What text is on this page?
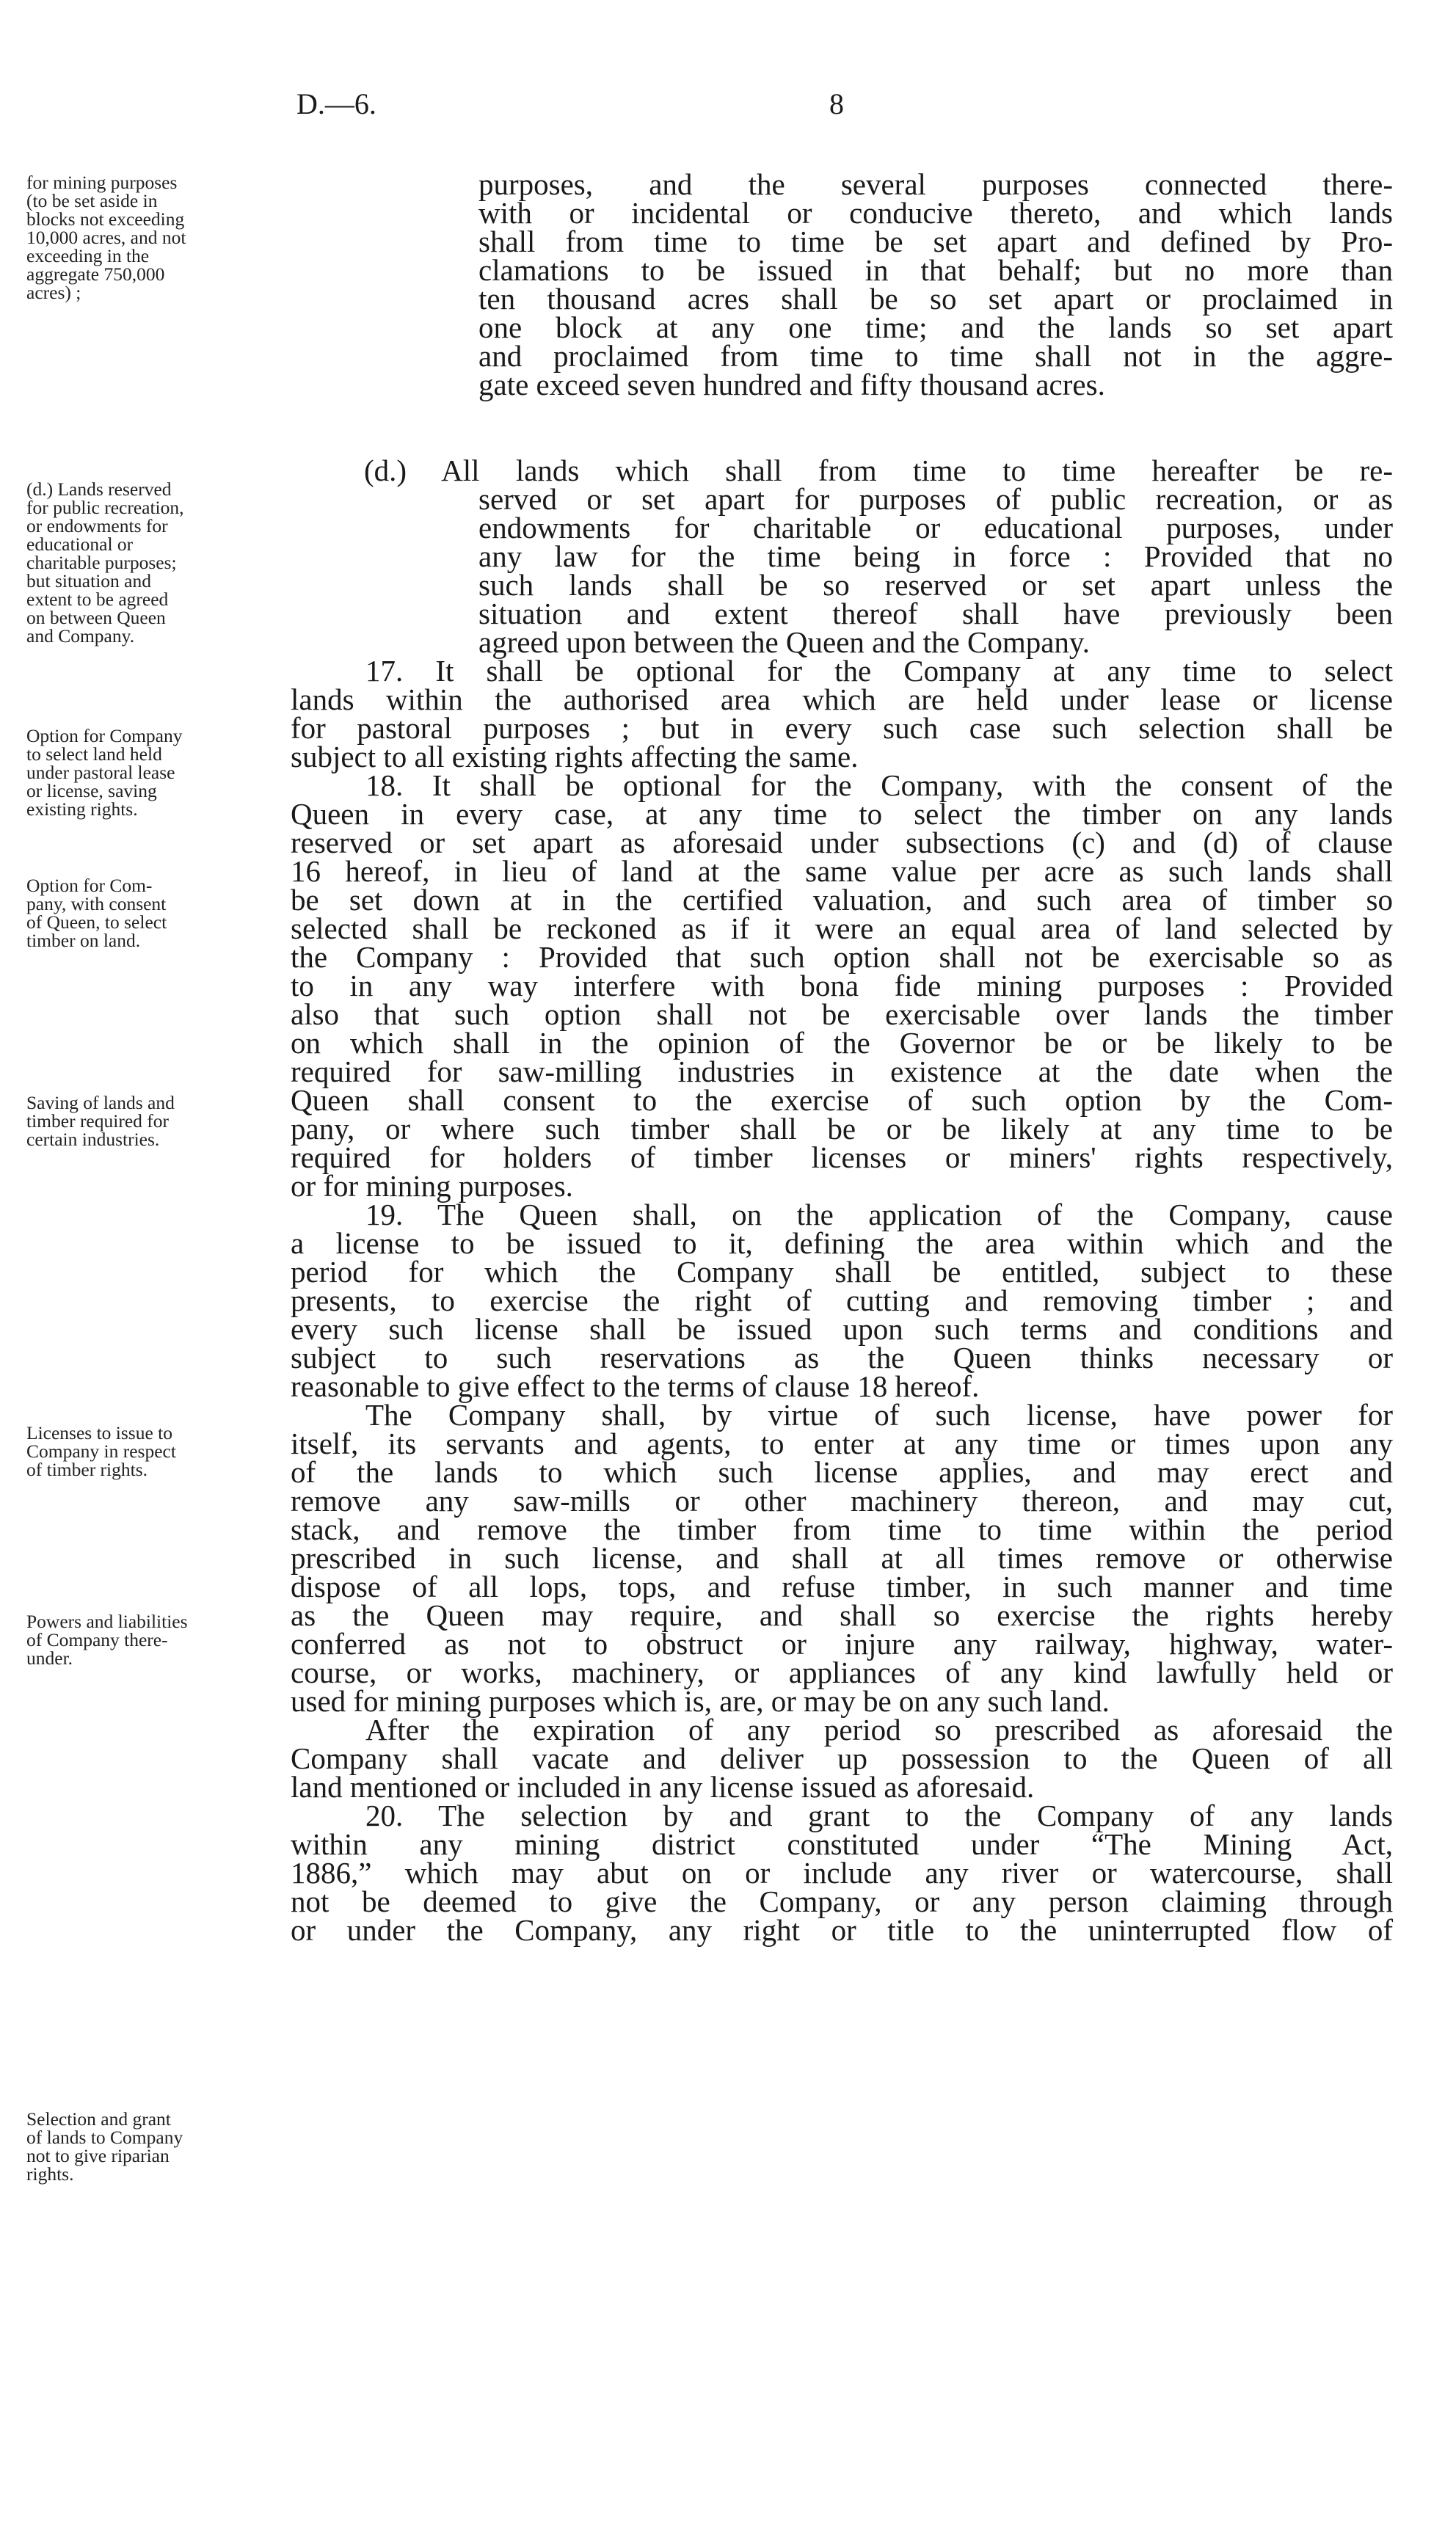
D.—6.	8
for mining purposes
(to be set aside in
blocks not exceeding
10,000 acres, and not
exceeding in the
aggregate 750,000
acres) ;
(d.) Lands reserved
for public recreation,
or endowments for
educational or
charitable purposes;
but situation and
extent to be agreed
on between Queen
and Company.
Option for Company
to select land held
under pastoral lease
or license, saving
existing rights.
Option for Com-
pany, with consent
of Queen, to select
timber on land.
Saving of lands and
timber required for
certain industries.
Licenses to issue to
Company in respect
of timber rights.
Powers and liabilities
of Company there-
under.
Selection and grant
of lands to Company
not to give riparian
rights.
purposes, and the several purposes connected there-
with or incidental or conducive thereto, and which lands
shall from time to time be set apart and defined by Pro-
clamations to be issued in that behalf; but no more than
ten thousand acres shall be so set apart or proclaimed in
one block at any one time; and the lands so set apart
and proclaimed from time to time shall not in the aggre-
gate exceed seven hundred and fifty thousand acres.
(d.) All lands which shall from time to time hereafter be re-
served or set apart for purposes of public recreation, or as
endowments for charitable or educational purposes, under
any law for the time being in force : Provided that no
such lands shall be so reserved or set apart unless the
situation and extent thereof shall have previously been
agreed upon between the Queen and the Company.
17. It shall be optional for the Company at any time to select
lands within the authorised area which are held under lease or license
for pastoral purposes ; but in every such case such selection shall be
subject to all existing rights affecting the same.
18. It shall be optional for the Company, with the consent of the
Queen in every case, at any time to select the timber on any lands
reserved or set apart as aforesaid under subsections (c) and (d) of clause
16 hereof, in lieu of land at the same value per acre as such lands shall
be set down at in the certified valuation, and such area of timber so
selected shall be reckoned as if it were an equal area of land selected by
the Company : Provided that such option shall not be exercisable so as
to in any way interfere with bona fide mining purposes : Provided
also that such option shall not be exercisable over lands the timber
on which shall in the opinion of the Governor be or be likely to be
required for saw-milling industries in existence at the date when the
Queen shall consent to the exercise of such option by the Com-
pany, or where such timber shall be or be likely at any time to be
required for holders of timber licenses or miners' rights respectively,
or for mining purposes.
19. The Queen shall, on the application of the Company, cause
a license to be issued to it, defining the area within which and the
period for which the Company shall be entitled, subject to these
presents, to exercise the right of cutting and removing timber ; and
every such license shall be issued upon such terms and conditions and
subject to such reservations as the Queen thinks necessary or
reasonable to give effect to the terms of clause 18 hereof.
The Company shall, by virtue of such license, have power for
itself, its servants and agents, to enter at any time or times upon any
of the lands to which such license applies, and may erect and
remove any saw-mills or other machinery thereon, and may cut,
stack, and remove the timber from time to time within the period
prescribed in such license, and shall at all times remove or otherwise
dispose of all lops, tops, and refuse timber, in such manner and time
as the Queen may require, and shall so exercise the rights hereby
conferred as not to obstruct or injure any railway, highway, water-
course, or works, machinery, or appliances of any kind lawfully held or
used for mining purposes which is, are, or may be on any such land.
After the expiration of any period so prescribed as aforesaid the
Company shall vacate and deliver up possession to the Queen of all
land mentioned or included in any license issued as aforesaid.
20. The selection by and grant to the Company of any lands
within any mining district constituted under “The Mining Act,
1886,” which may abut on or include any river or watercourse, shall
not be deemed to give the Company, or any person claiming through
or under the Company, any right or title to the uninterrupted flow of
